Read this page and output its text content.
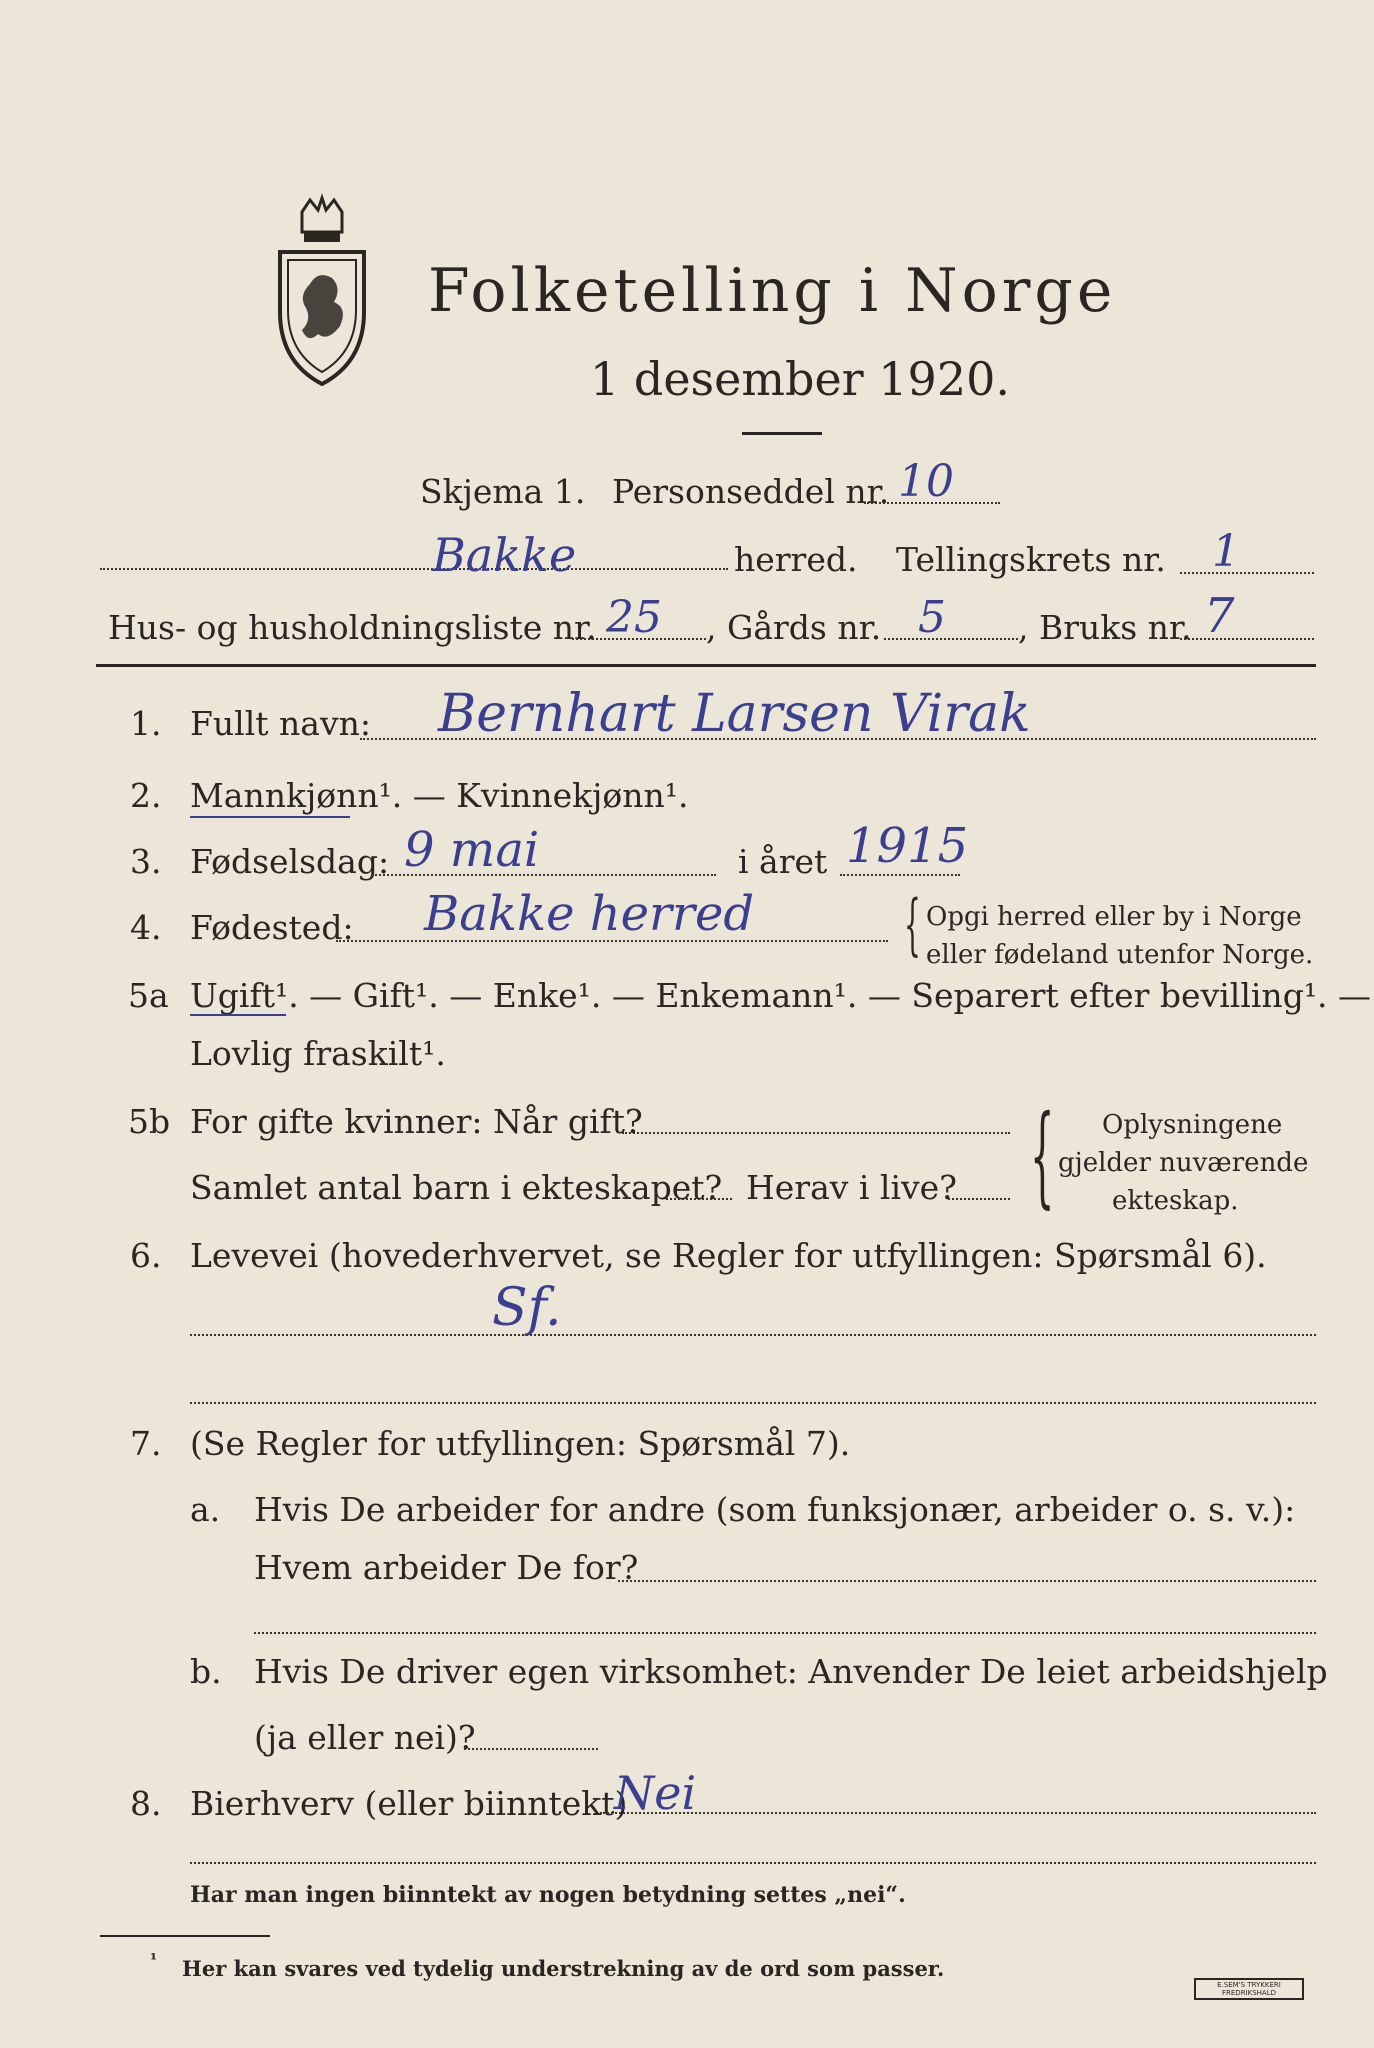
Folketelling i Norge
1 desember 1920.
Skjema 1. Personseddel nr. 10
Bakke	herred. Tellingskrets nr. 1
Hus- og husholdningsliste nr. 25 , Gårds nr. 5 , Bruks nr. 7
1. Fullt navn: Bernhart Larsen Virak
2. Mannkjønn¹. — Kvinnekjønn¹.
3. Fødselsdag: 9 mai	i året 1915
4. Fødested: Bakke herred { Opgi herred eller by i Norge
eller fødeland utenfor Norge.
5a Ugift¹. — Gift¹. — Enke¹. — Enkemann¹. — Separert efter bevilling¹. —
Lovlig fraskilt¹.
5b For gifte kvinner: Når gift?
Samlet antal barn i ekteskapet? Herav i live? { Oplysningene
gjelder nuværende
ekteskap.
6. Levevei (hovederhvervet, se Regler for utfyllingen: Spørsmål 6).
Sf.
7. (Se Regler for utfyllingen: Spørsmål 7).
a. Hvis De arbeider for andre (som funksjonær, arbeider o. s. v.):
Hvem arbeider De for?
b. Hvis De driver egen virksomhet: Anvender De leiet arbeidshjelp
(ja eller nei)?
8. Bierhverv (eller biinntekt)
Nei
Har man ingen biinntekt av nogen betydning settes „nei“.
¹ Her kan svares ved tydelig understrekning av de ord som passer.
E.SEM'S TRYKKERI FREDRIKSHALD
